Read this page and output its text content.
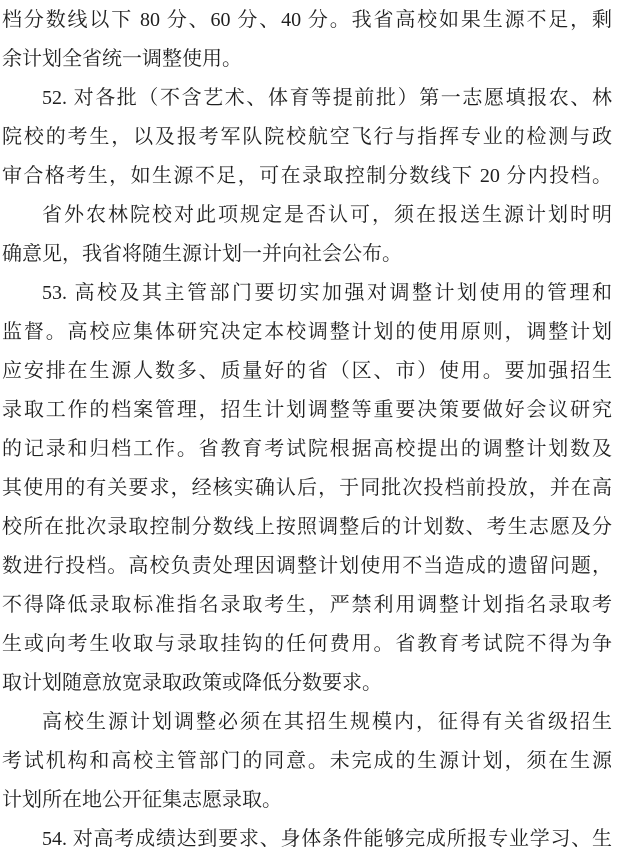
档分数线以下 80 分、60 分、40 分。我省高校如果生源不足，剩
余计划全省统一调整使用。
52. 对各批（不含艺术、体育等提前批）第一志愿填报农、林
院校的考生，以及报考军队院校航空飞行与指挥专业的检测与政
审合格考生，如生源不足，可在录取控制分数线下 20 分内投档。
省外农林院校对此项规定是否认可，须在报送生源计划时明
确意见，我省将随生源计划一并向社会公布。
53. 高校及其主管部门要切实加强对调整计划使用的管理和
监督。高校应集体研究决定本校调整计划的使用原则，调整计划
应安排在生源人数多、质量好的省（区、市）使用。要加强招生
录取工作的档案管理，招生计划调整等重要决策要做好会议研究
的记录和归档工作。省教育考试院根据高校提出的调整计划数及
其使用的有关要求，经核实确认后，于同批次投档前投放，并在高
校所在批次录取控制分数线上按照调整后的计划数、考生志愿及分
数进行投档。高校负责处理因调整计划使用不当造成的遗留问题，
不得降低录取标准指名录取考生，严禁利用调整计划指名录取考
生或向考生收取与录取挂钩的任何费用。省教育考试院不得为争
取计划随意放宽录取政策或降低分数要求。
高校生源计划调整必须在其招生规模内，征得有关省级招生
考试机构和高校主管部门的同意。未完成的生源计划，须在生源
计划所在地公开征集志愿录取。
54. 对高考成绩达到要求、身体条件能够完成所报专业学习、生
